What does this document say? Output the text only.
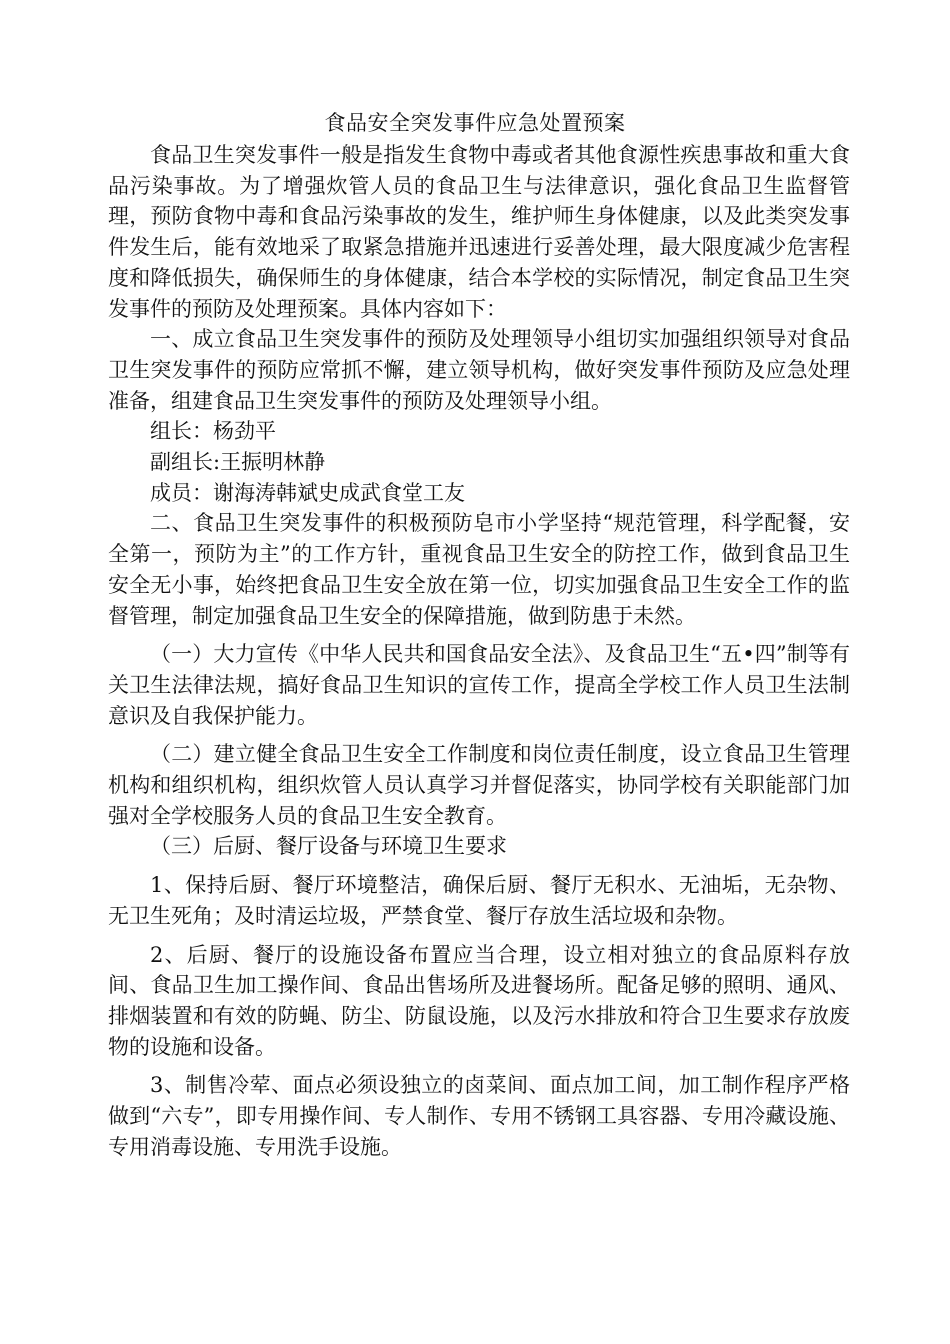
食品安全突发事件应急处置预案

食品卫生突发事件一般是指发生食物中毒或者其他食源性疾患事故和重大食品污染事故。为了增强炊管人员的食品卫生与法律意识，强化食品卫生监督管理，预防食物中毒和食品污染事故的发生，维护师生身体健康，以及此类突发事件发生后，能有效地采了取紧急措施并迅速进行妥善处理，最大限度减少危害程度和降低损失，确保师生的身体健康，结合本学校的实际情况，制定食品卫生突发事件的预防及处理预案。具体内容如下：

一、成立食品卫生突发事件的预防及处理领导小组切实加强组织领导对食品卫生突发事件的预防应常抓不懈，建立领导机构，做好突发事件预防及应急处理准备，组建食品卫生突发事件的预防及处理领导小组。

组长：杨劲平

副组长:王振明林静

成员：谢海涛韩斌史成武食堂工友

二、食品卫生突发事件的积极预防皂市小学坚持“规范管理，科学配餐，安全第一，预防为主”的工作方针，重视食品卫生安全的防控工作，做到食品卫生安全无小事，始终把食品卫生安全放在第一位，切实加强食品卫生安全工作的监督管理，制定加强食品卫生安全的保障措施，做到防患于未然。

（一）大力宣传《中华人民共和国食品安全法》、及食品卫生“五•四”制等有关卫生法律法规，搞好食品卫生知识的宣传工作，提高全学校工作人员卫生法制意识及自我保护能力。

（二）建立健全食品卫生安全工作制度和岗位责任制度，设立食品卫生管理机构和组织机构，组织炊管人员认真学习并督促落实，协同学校有关职能部门加强对全学校服务人员的食品卫生安全教育。

（三）后厨、餐厅设备与环境卫生要求

1、保持后厨、餐厅环境整洁，确保后厨、餐厅无积水、无油垢，无杂物、无卫生死角；及时清运垃圾，严禁食堂、餐厅存放生活垃圾和杂物。

2、后厨、餐厅的设施设备布置应当合理，设立相对独立的食品原料存放间、食品卫生加工操作间、食品出售场所及进餐场所。配备足够的照明、通风、排烟装置和有效的防蝇、防尘、防鼠设施，以及污水排放和符合卫生要求存放废物的设施和设备。

3、制售冷荤、面点必须设独立的卤菜间、面点加工间，加工制作程序严格做到“六专”，即专用操作间、专人制作、专用不锈钢工具容器、专用冷藏设施、专用消毒设施、专用洗手设施。
